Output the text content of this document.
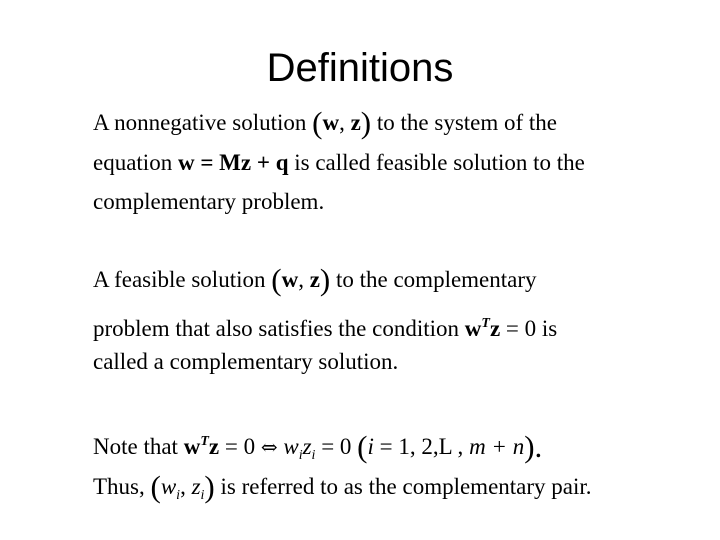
Definitions
A nonnegative solution (w, z) to the system of the
equation w = Mz + q is called feasible solution to the
complementary problem.
A feasible solution (w, z) to the complementary
problem that also satisfies the condition $w^Tz = 0$ is
called a complementary solution.
Note that $w^Tz = 0$ ⇔ $w_iz_i = 0$ (i = 1, 2,L , m + n).
Thus, ($w_i$, $z_i$) is referred to as the complementary pair.
